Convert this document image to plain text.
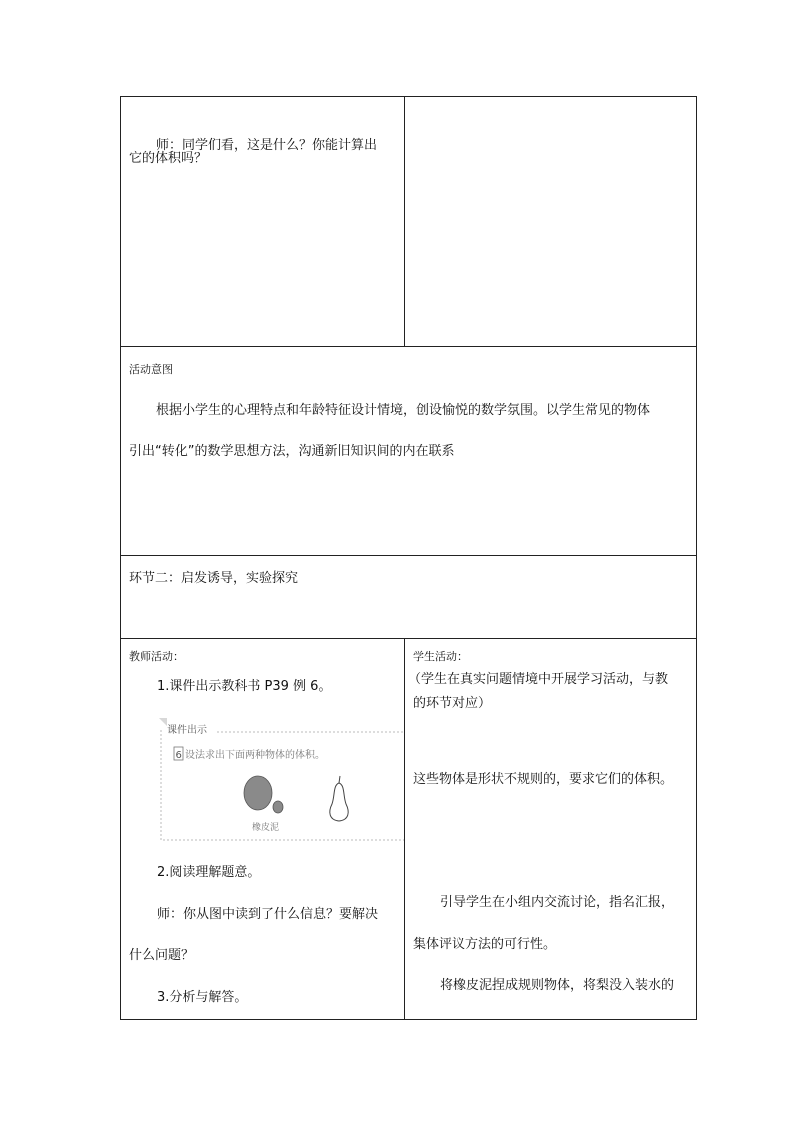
师：同学们看，这是什么？你能计算出
它的体积吗？
活动意图
根据小学生的心理特点和年龄特征设计情境，创设愉悦的数学氛围。以学生常见的物体
引出“转化”的数学思想方法，沟通新旧知识间的内在联系
环节二：启发诱导，实验探究
教师活动：
1.课件出示教科书 P39 例 6。
课件出示
6 设法求出下面两种物体的体积。
橡皮泥
2.阅读理解题意。
师：你从图中读到了什么信息？要解决
什么问题？
3.分析与解答。
学生活动：
（学生在真实问题情境中开展学习活动，与教
的环节对应）
这些物体是形状不规则的，要求它们的体积。
引导学生在小组内交流讨论，指名汇报，
集体评议方法的可行性。
将橡皮泥捏成规则物体，将梨没入装水的
